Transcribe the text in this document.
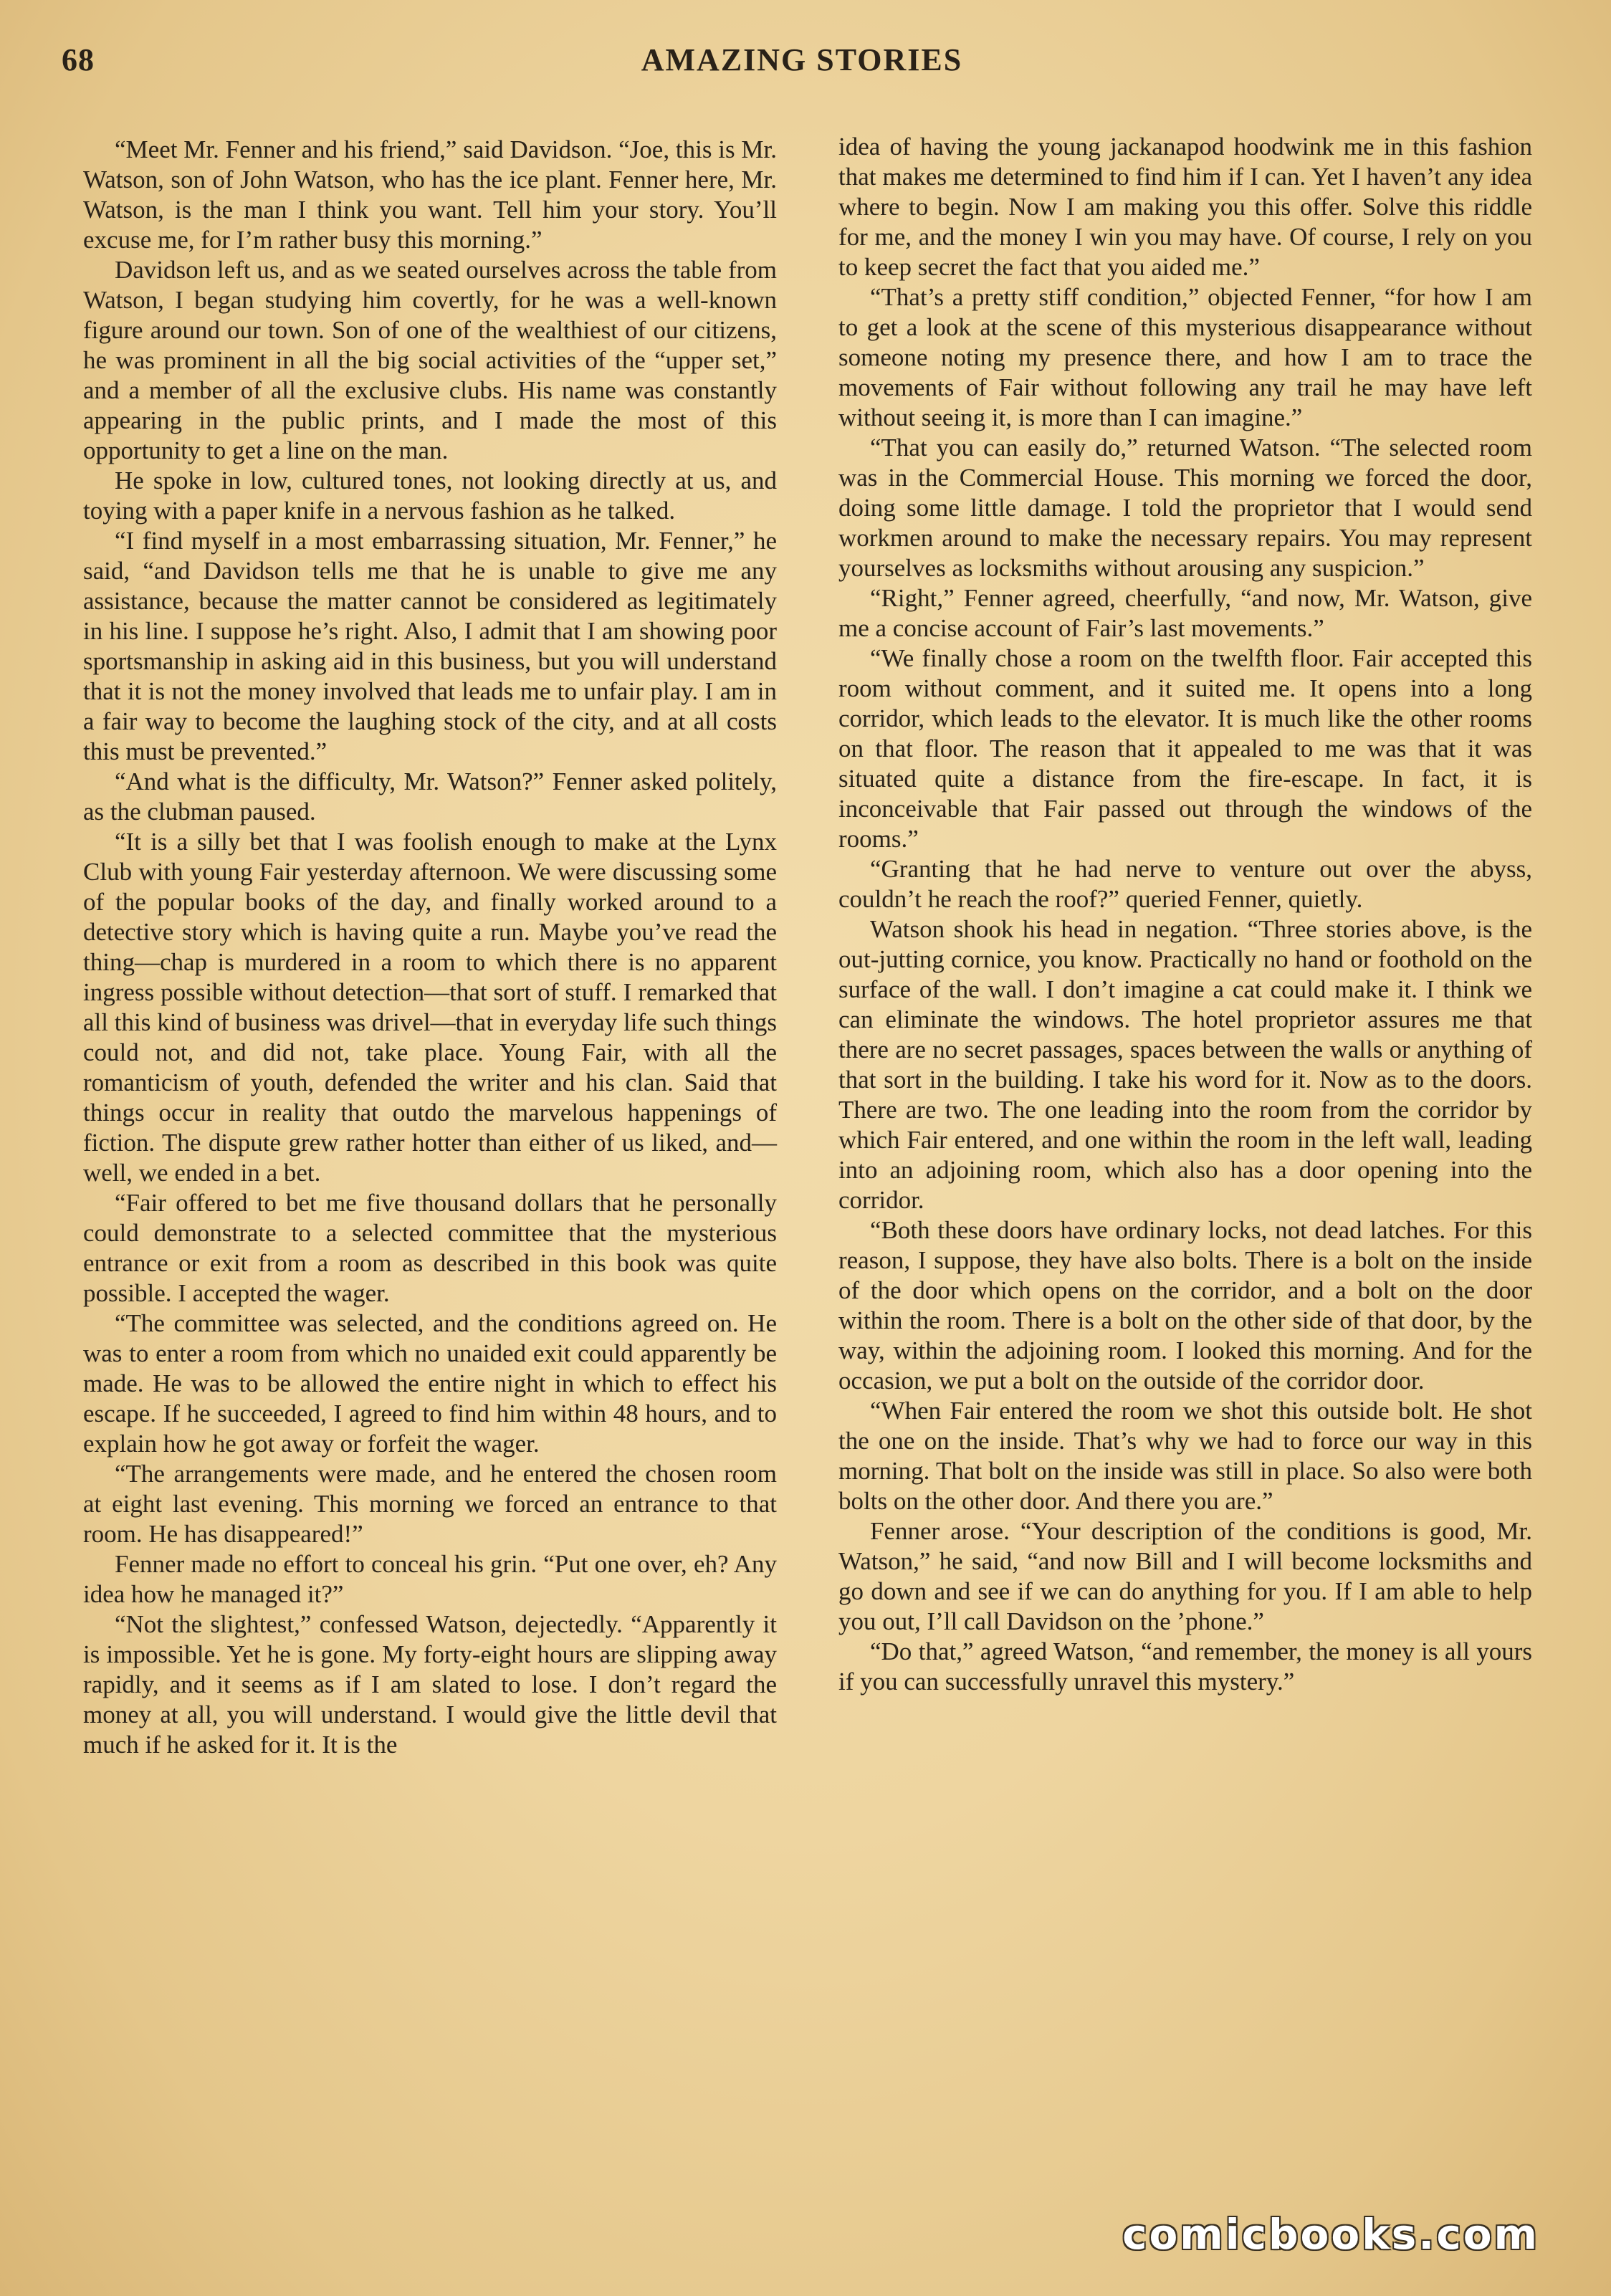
68	AMAZING STORIES

“Meet Mr. Fenner and his friend,” said Davidson. “Joe, this is Mr. Watson, son of John Watson, who has the ice plant. Fenner here, Mr. Watson, is the man I think you want. Tell him your story. You’ll excuse me, for I’m rather busy this morning.”

Davidson left us, and as we seated ourselves across the table from Watson, I began studying him covertly, for he was a well-known figure around our town. Son of one of the wealthiest of our citizens, he was prominent in all the big social activities of the “upper set,” and a member of all the exclusive clubs. His name was constantly appearing in the public prints, and I made the most of this opportunity to get a line on the man.

He spoke in low, cultured tones, not looking directly at us, and toying with a paper knife in a nervous fashion as he talked.

“I find myself in a most embarrassing situation, Mr. Fenner,” he said, “and Davidson tells me that he is unable to give me any assistance, because the matter cannot be considered as legitimately in his line. I suppose he’s right. Also, I admit that I am showing poor sportsmanship in asking aid in this business, but you will understand that it is not the money involved that leads me to unfair play. I am in a fair way to become the laughing stock of the city, and at all costs this must be prevented.”

“And what is the difficulty, Mr. Watson?” Fenner asked politely, as the clubman paused.

“It is a silly bet that I was foolish enough to make at the Lynx Club with young Fair yesterday afternoon. We were discussing some of the popular books of the day, and finally worked around to a detective story which is having quite a run. Maybe you’ve read the thing—chap is murdered in a room to which there is no apparent ingress possible without detection—that sort of stuff. I remarked that all this kind of business was drivel—that in everyday life such things could not, and did not, take place. Young Fair, with all the romanticism of youth, defended the writer and his clan. Said that things occur in reality that outdo the marvelous happenings of fiction. The dispute grew rather hotter than either of us liked, and—well, we ended in a bet.

“Fair offered to bet me five thousand dollars that he personally could demonstrate to a selected committee that the mysterious entrance or exit from a room as described in this book was quite possible. I accepted the wager.

“The committee was selected, and the conditions agreed on. He was to enter a room from which no unaided exit could apparently be made. He was to be allowed the entire night in which to effect his escape. If he succeeded, I agreed to find him within 48 hours, and to explain how he got away or forfeit the wager.

“The arrangements were made, and he entered the chosen room at eight last evening. This morning we forced an entrance to that room. He has disappeared!”

Fenner made no effort to conceal his grin. “Put one over, eh? Any idea how he managed it?”

“Not the slightest,” confessed Watson, dejectedly. “Apparently it is impossible. Yet he is gone. My forty-eight hours are slipping away rapidly, and it seems as if I am slated to lose. I don’t regard the money at all, you will understand. I would give the little devil that much if he asked for it. It is the

idea of having the young jackanapod hoodwink me in this fashion that makes me determined to find him if I can. Yet I haven’t any idea where to begin. Now I am making you this offer. Solve this riddle for me, and the money I win you may have. Of course, I rely on you to keep secret the fact that you aided me.”

“That’s a pretty stiff condition,” objected Fenner, “for how I am to get a look at the scene of this mysterious disappearance without someone noting my presence there, and how I am to trace the movements of Fair without following any trail he may have left without seeing it, is more than I can imagine.”

“That you can easily do,” returned Watson. “The selected room was in the Commercial House. This morning we forced the door, doing some little damage. I told the proprietor that I would send workmen around to make the necessary repairs. You may represent yourselves as locksmiths without arousing any suspicion.”

“Right,” Fenner agreed, cheerfully, “and now, Mr. Watson, give me a concise account of Fair’s last movements.”

“We finally chose a room on the twelfth floor. Fair accepted this room without comment, and it suited me. It opens into a long corridor, which leads to the elevator. It is much like the other rooms on that floor. The reason that it appealed to me was that it was situated quite a distance from the fire-escape. In fact, it is inconceivable that Fair passed out through the windows of the rooms.”

“Granting that he had nerve to venture out over the abyss, couldn’t he reach the roof?” queried Fenner, quietly.

Watson shook his head in negation. “Three stories above, is the out-jutting cornice, you know. Practically no hand or foothold on the surface of the wall. I don’t imagine a cat could make it. I think we can eliminate the windows. The hotel proprietor assures me that there are no secret passages, spaces between the walls or anything of that sort in the building. I take his word for it. Now as to the doors. There are two. The one leading into the room from the corridor by which Fair entered, and one within the room in the left wall, leading into an adjoining room, which also has a door opening into the corridor.

“Both these doors have ordinary locks, not dead latches. For this reason, I suppose, they have also bolts. There is a bolt on the inside of the door which opens on the corridor, and a bolt on the door within the room. There is a bolt on the other side of that door, by the way, within the adjoining room. I looked this morning. And for the occasion, we put a bolt on the outside of the corridor door.

“When Fair entered the room we shot this outside bolt. He shot the one on the inside. That’s why we had to force our way in this morning. That bolt on the inside was still in place. So also were both bolts on the other door. And there you are.”

Fenner arose. “Your description of the conditions is good, Mr. Watson,” he said, “and now Bill and I will become locksmiths and go down and see if we can do anything for you. If I am able to help you out, I’ll call Davidson on the ’phone.”

“Do that,” agreed Watson, “and remember, the money is all yours if you can successfully unravel this mystery.”

comicbooks.com
